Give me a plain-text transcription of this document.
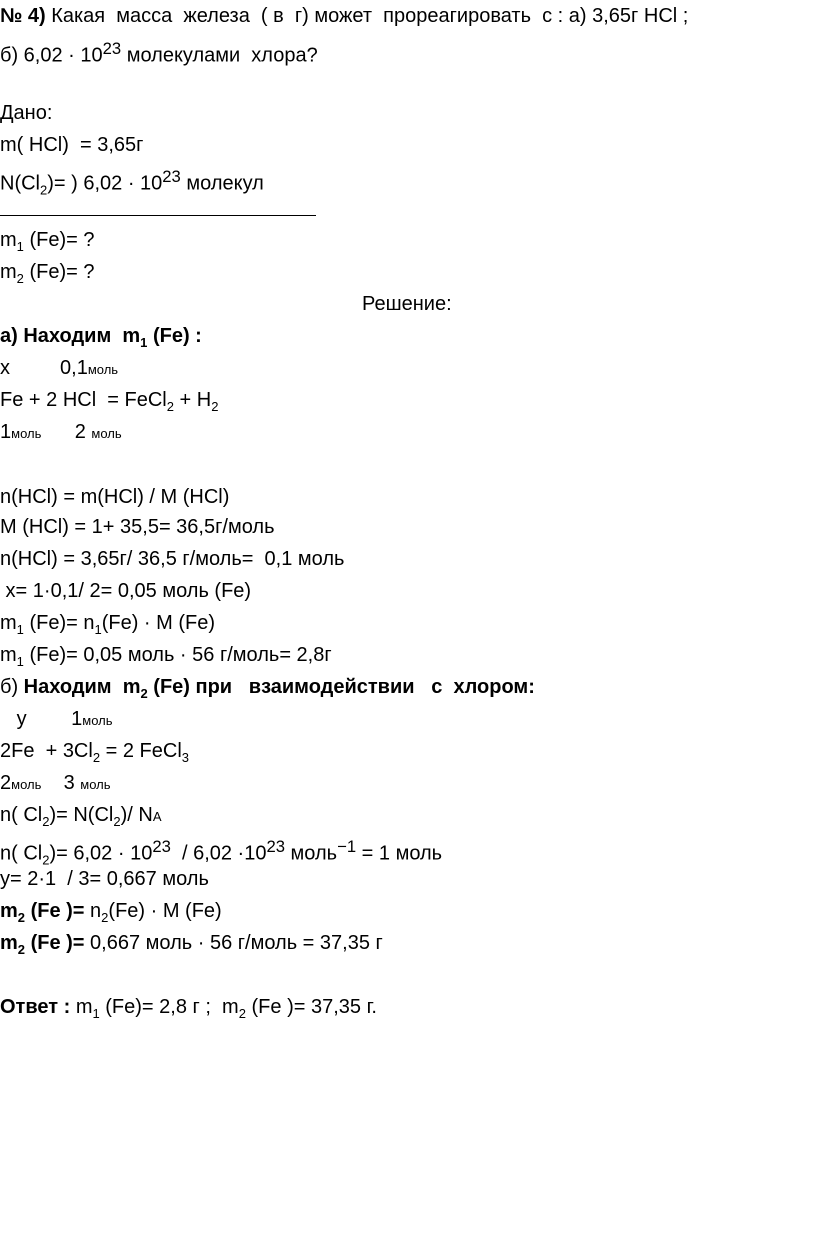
№ 4) Какая  масса  железа  ( в  г) может  прореагировать  с : а) 3,65г HCl ;
б) $6,02 \cdot 10^{23}$ молекулами  хлора?
Дано:
m( HCl)  = 3,65г
$N(Cl_2)=$ ) $6,02 \cdot 10^{23}$ молекул
$m_1$ (Fe)= ?
$m_2$ (Fe)= ?
Решение:
а) Находим  $m_1$ (Fe) :
x         0,1моль
Fe + 2 HCl  = FeCl$_2$ + $H_2$
1моль      2 моль
n(HCl) = m(HCl) / M (HCl)
M (HCl) = 1+ 35,5= 36,5г/моль
n(HCl) = 3,65г/ 36,5 г/моль=  0,1 моль
x= 1·0,1/ 2= 0,05 моль (Fe)
$m_1$ $(Fe)= n_1(Fe) \cdot M$ (Fe)
$m_1$ (Fe)= 0,05 моль · 56 г/моль= 2,8г
б) Находим  $m_2$ (Fe) при   взаимодействии   с  хлором:
y        1моль
$2Fe + 3Cl_2 = 2$ FeCl$_3$
2моль    3 моль
n( $Cl_2)= N(Cl_2)/$ NA
n( $Cl_2)= 6,02 \cdot 10^{23} / 6,02 \cdot 10^{23}$ моль$^{-1}$ = 1 моль
y= 2·1  / 3= 0,667 моль
$m_2$ (Fe )= $n_2(Fe) \cdot M$ (Fe)
$m_2$ (Fe )= 0,667 моль · 56 г/моль = 37,35 г
Ответ : $m_1$ (Fe)= 2,8 г ;  $m_2$ (Fe )= 37,35 г.
